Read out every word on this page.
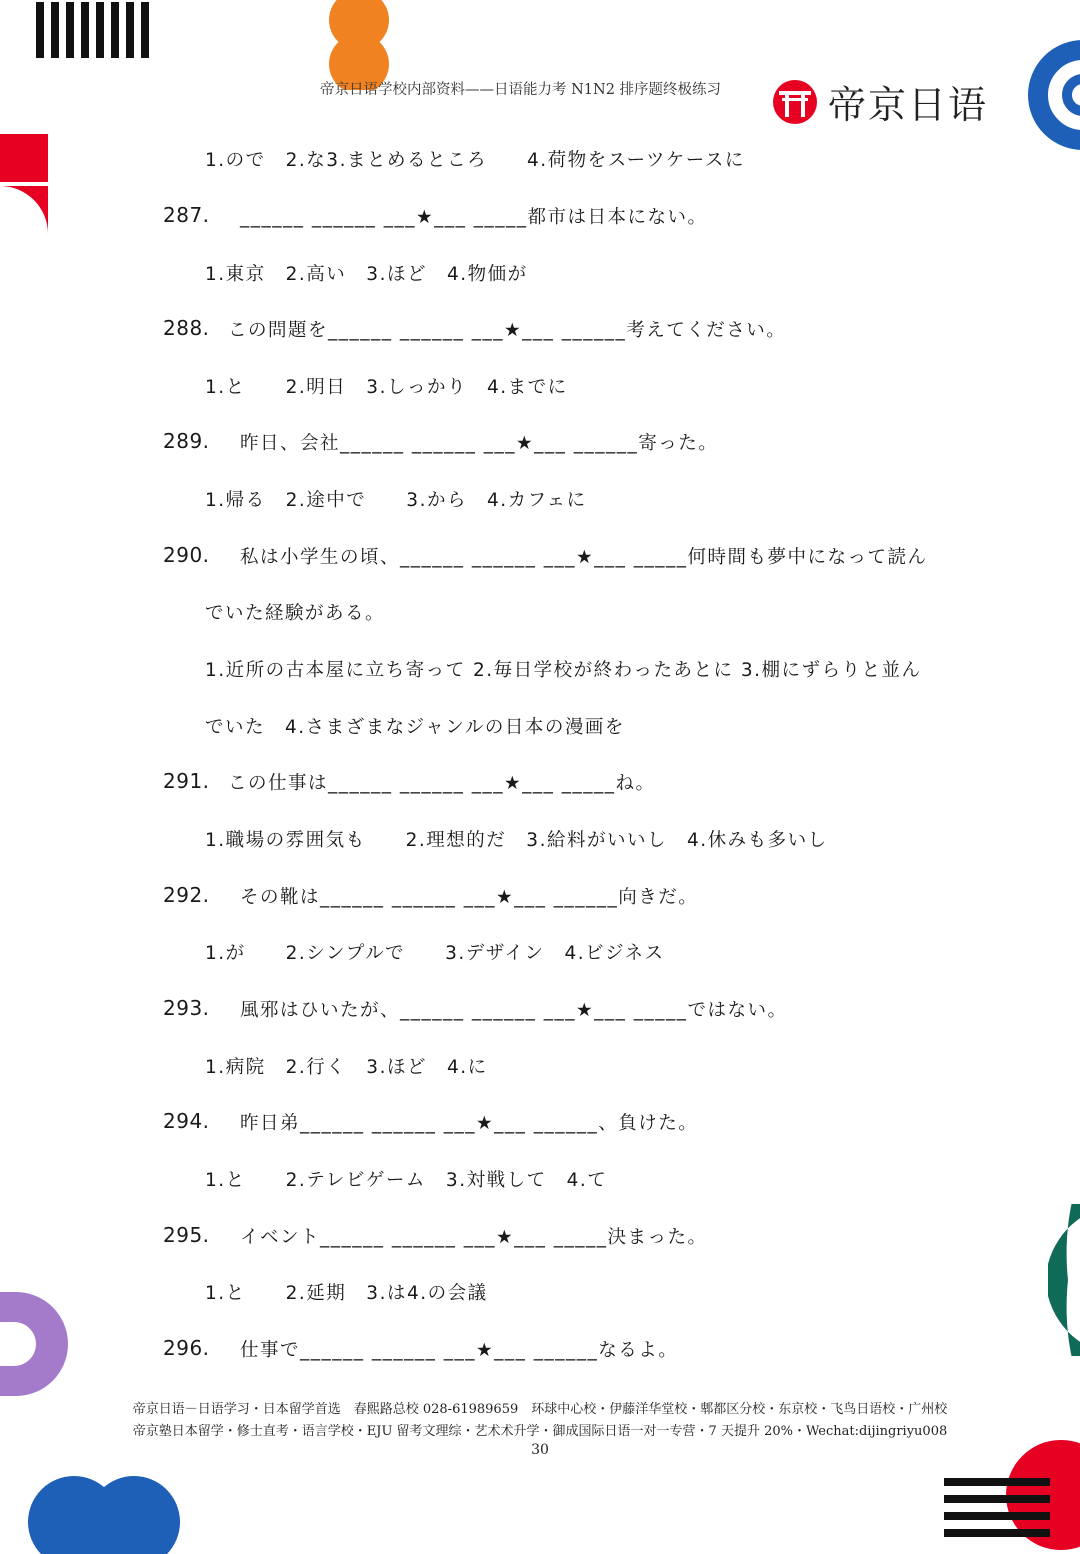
帝京日语学校内部资料——日语能力考 N1N2 排序题终极练习	帝京日语
1.ので　2.な3.まとめるところ　　4.荷物をスーツケースに
287. ______ ______ ___★___ _____都市は日本にない。
1.東京　2.高い　3.ほど　4.物価が
288. この問題を______ ______ ___★___ ______考えてください。
1.と　　2.明日　3.しっかり　4.までに
289. 昨日、会社______ ______ ___★___ ______寄った。
1.帰る　2.途中で　　3.から　4.カフェに
290. 私は小学生の頃、______ ______ ___★___ _____何時間も夢中になって読ん
でいた経験がある。
1.近所の古本屋に立ち寄って 2.毎日学校が終わったあとに 3.棚にずらりと並ん
でいた　4.さまざまなジャンルの日本の漫画を
291. この仕事は______ ______ ___★___ _____ね。
1.職場の雰囲気も　　2.理想的だ　3.給料がいいし　4.休みも多いし
292. その靴は______ ______ ___★___ ______向きだ。
1.が　　2.シンプルで　　3.デザイン　4.ビジネス
293. 風邪はひいたが、______ ______ ___★___ _____ではない。
1.病院　2.行く　3.ほど　4.に
294. 昨日弟______ ______ ___★___ ______、負けた。
1.と　　2.テレビゲーム　3.対戦して　4.て
295. イベント______ ______ ___★___ _____決まった。
1.と　　2.延期　3.は4.の会議
296. 仕事で______ ______ ___★___ ______なるよ。
帝京日语－日语学习・日本留学首选　春熙路总校 028-61989659　环球中心校・伊藤洋华堂校・郫都区分校・东京校・飞鸟日语校・广州校
帝京塾日本留学・修士直考・语言学校・EJU 留考文理综・艺术术升学・御成国际日语一对一专营・7 天提升 20%・Wechat:dijingriyu008
30
